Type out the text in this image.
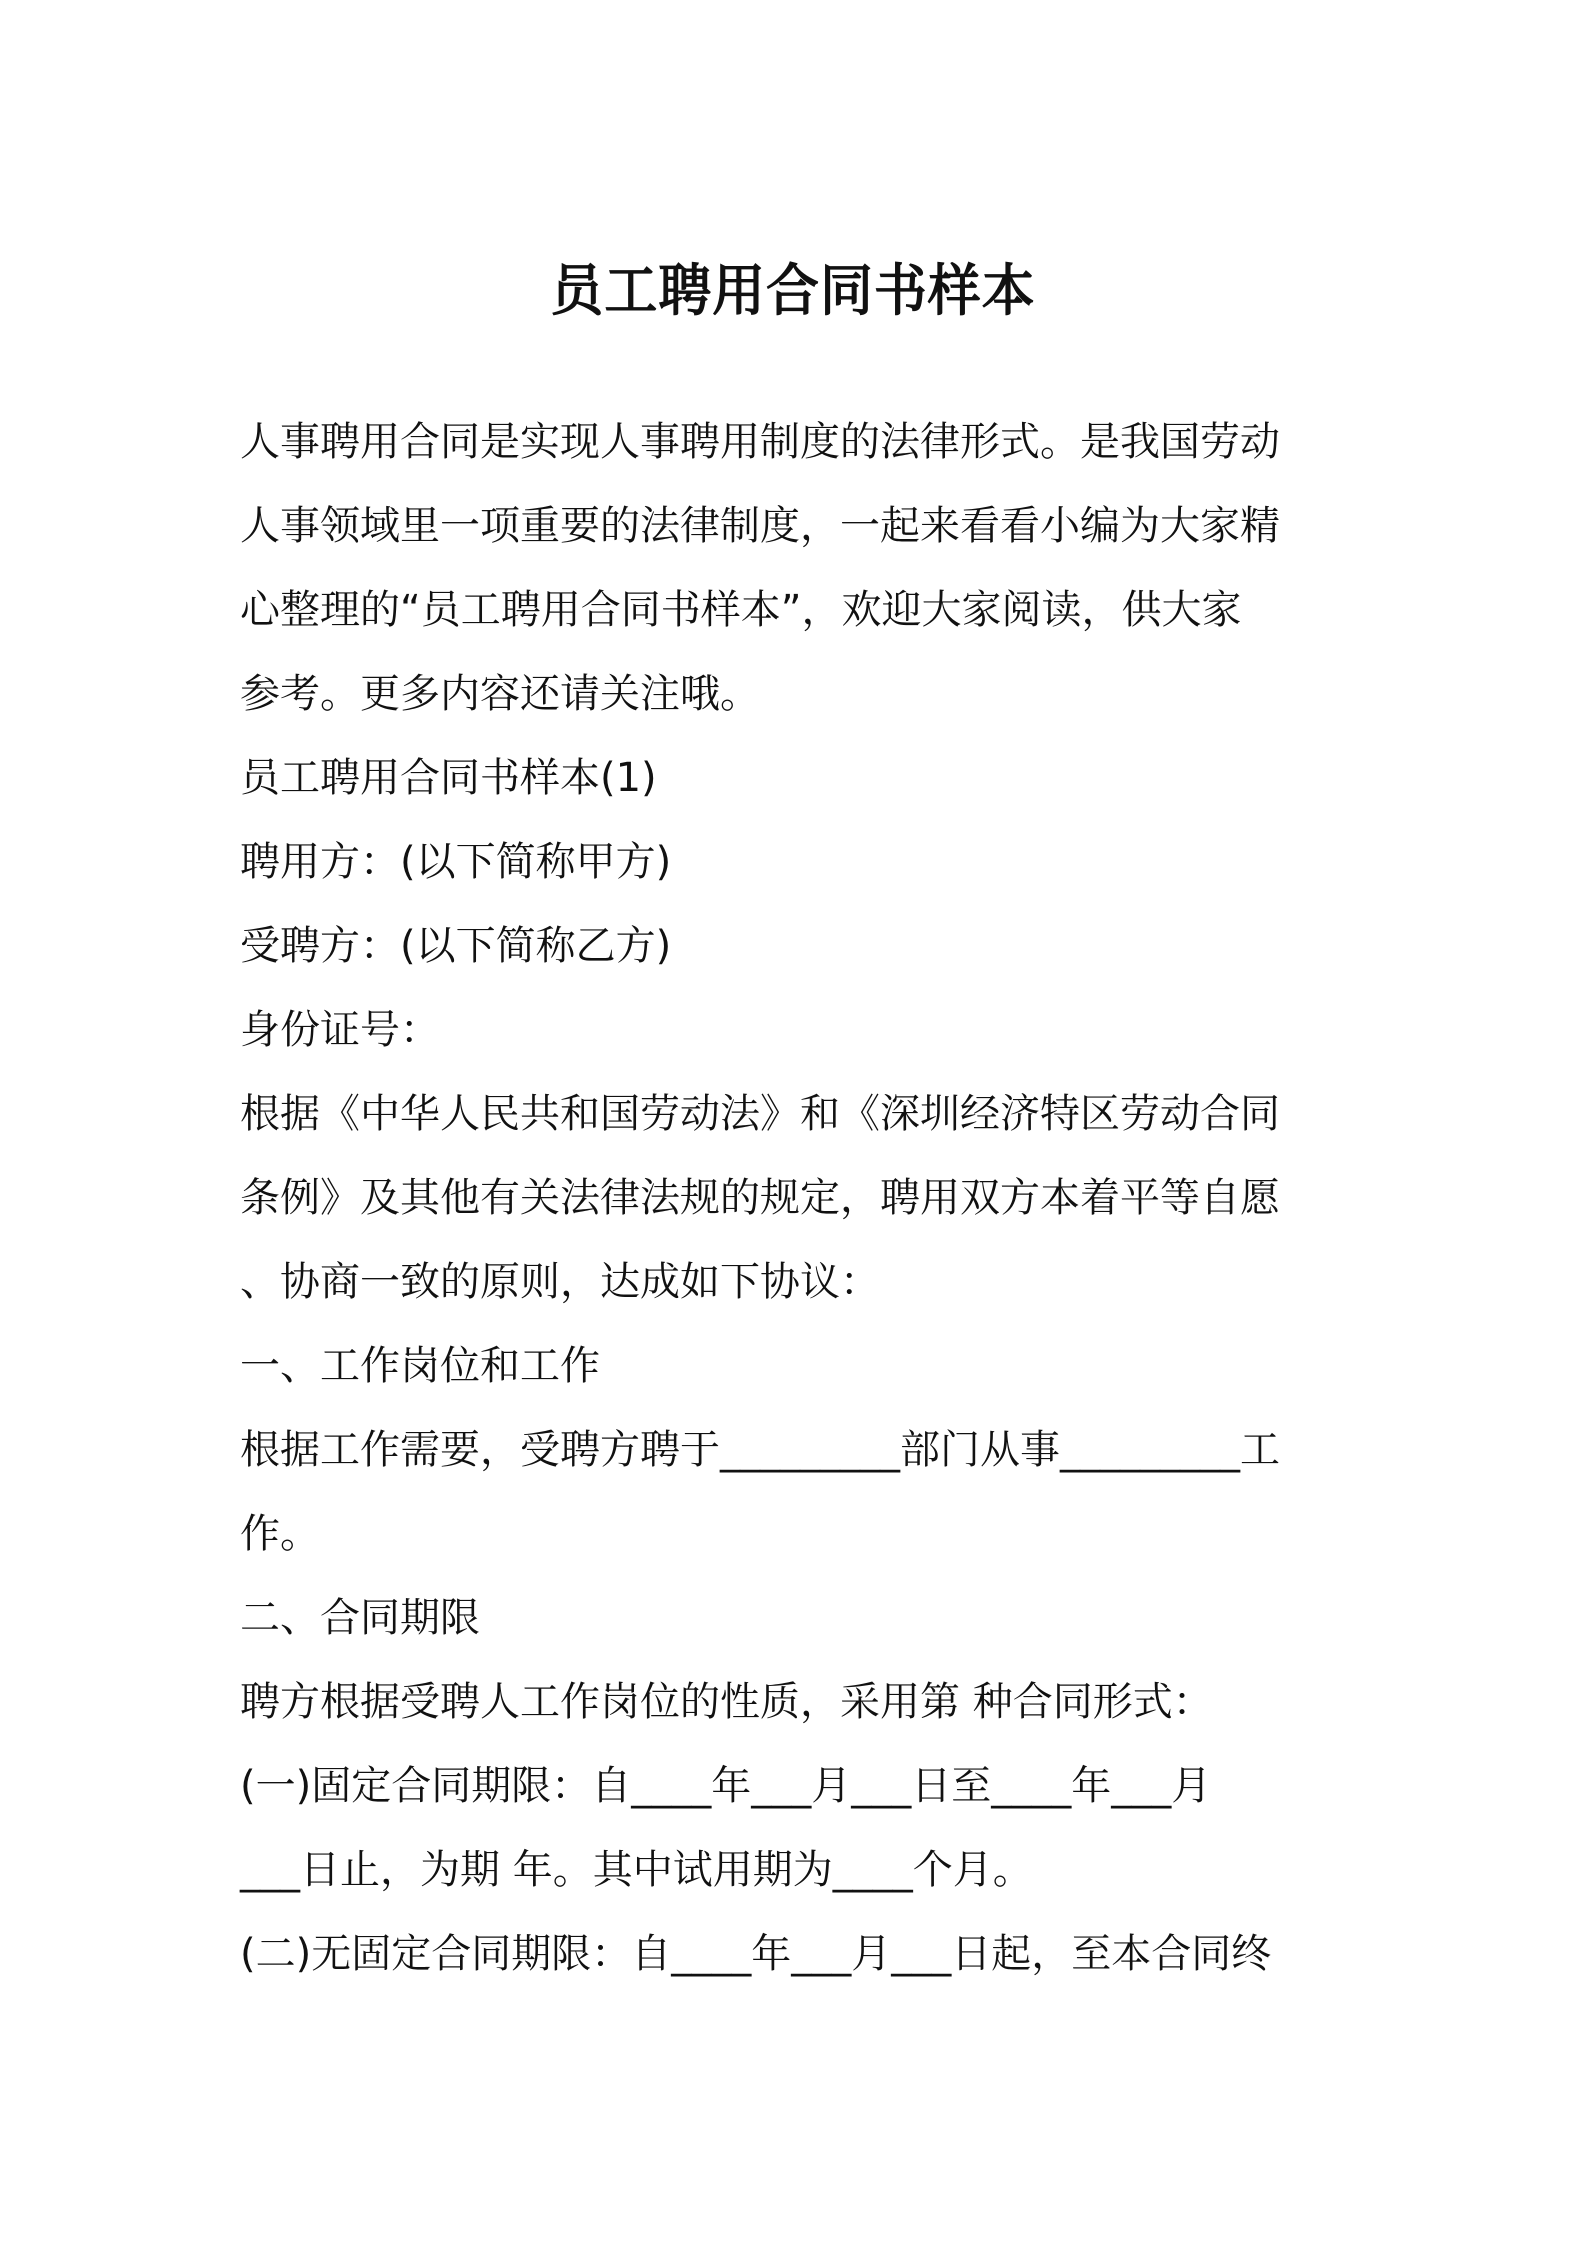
员工聘用合同书样本
人事聘用合同是实现人事聘用制度的法律形式。是我国劳动
人事领域里一项重要的法律制度，一起来看看小编为大家精
心整理的“员工聘用合同书样本”，欢迎大家阅读，供大家
参考。更多内容还请关注哦。
员工聘用合同书样本(1)
聘用方：(以下简称甲方)
受聘方：(以下简称乙方)
身份证号：
根据《中华人民共和国劳动法》和《深圳经济特区劳动合同
条例》及其他有关法律法规的规定，聘用双方本着平等自愿
、协商一致的原则，达成如下协议：
一、工作岗位和工作
根据工作需要，受聘方聘于_________部门从事_________工
作。
二、合同期限
聘方根据受聘人工作岗位的性质，采用第 种合同形式：
(一)固定合同期限：自____年___月___日至____年___月
___日止，为期 年。其中试用期为____个月。
(二)无固定合同期限：自____年___月___日起，至本合同终
